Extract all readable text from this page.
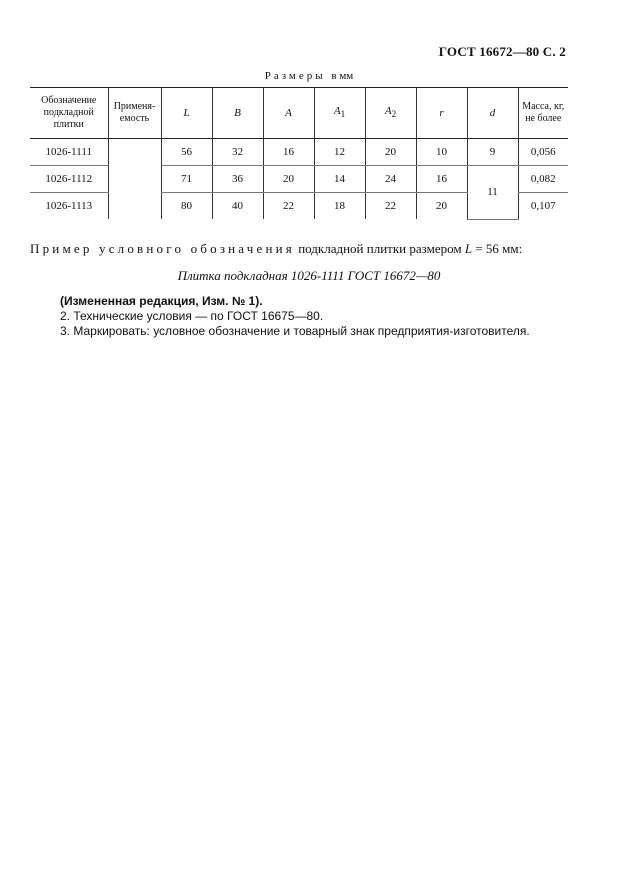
ГОСТ 16672—80 С. 2
Размеры в мм
Обозначение
подкладной
плитки	Применя-
емость	L	B	A	$A_1$	$A_2$	r	d	Масса, кг,
не более
1026-1111		56	32	16	12	20	10	9	0,056
1026-1112		71	36	20	14	24	16	11	0,082
1026-1113		80	40	22	18	22	20		0,107
Пример условного обозначения подкладной плитки размером L = 56 мм:
Плитка подкладная 1026-1111 ГОСТ 16672—80
(Измененная редакция, Изм. № 1).
2. Технические условия — по ГОСТ 16675—80.
3. Маркировать: условное обозначение и товарный знак предприятия-изготовителя.
